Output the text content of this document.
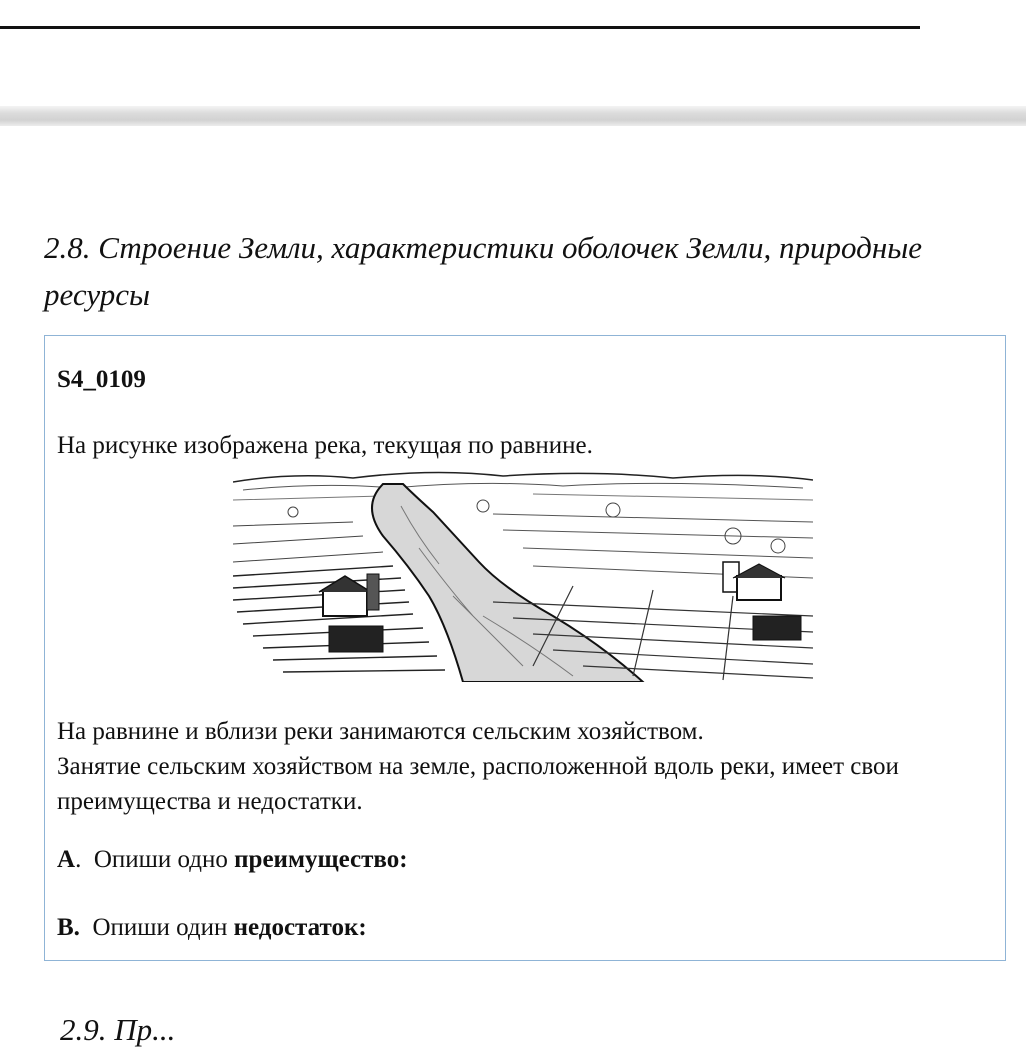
2.8. Строение Земли, характеристики оболочек Земли, природные ресурсы
S4_0109
На рисунке изображена река, текущая по равнине.
На равнине и вблизи реки занимаются сельским хозяйством.
Занятие сельским хозяйством на земле, расположенной вдоль реки, имеет свои преимущества и недостатки.
А. Опиши одно преимущество:
В. Опиши один недостаток:
2.9. Пр...
